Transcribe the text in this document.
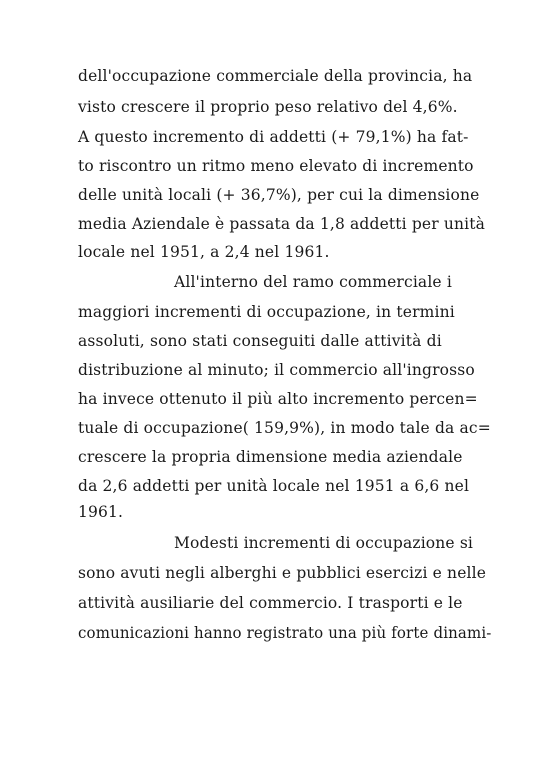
dell'occupazione commerciale della provincia, ha
visto crescere il proprio peso relativo del 4,6%.
A questo incremento di addetti (+ 79,1%) ha fat-
to riscontro un ritmo meno elevato di incremento
delle unità locali (+ 36,7%), per cui la dimensione
media Aziendale è passata da 1,8 addetti per unità
locale nel 1951, a 2,4 nel 1961.
All'interno del ramo commerciale i
maggiori incrementi di occupazione, in termini
assoluti, sono stati conseguiti dalle attività di
distribuzione al minuto; il commercio all'ingrosso
ha invece ottenuto il più alto incremento percen=
tuale di occupazione( 159,9%), in modo tale da ac=
crescere la propria dimensione media aziendale
da 2,6 addetti per unità locale nel 1951 a 6,6 nel
1961.
Modesti incrementi di occupazione si
sono avuti negli alberghi e pubblici esercizi e nelle
attività ausiliarie del commercio. I trasporti e le
comunicazioni hanno registrato una più forte dinami-
